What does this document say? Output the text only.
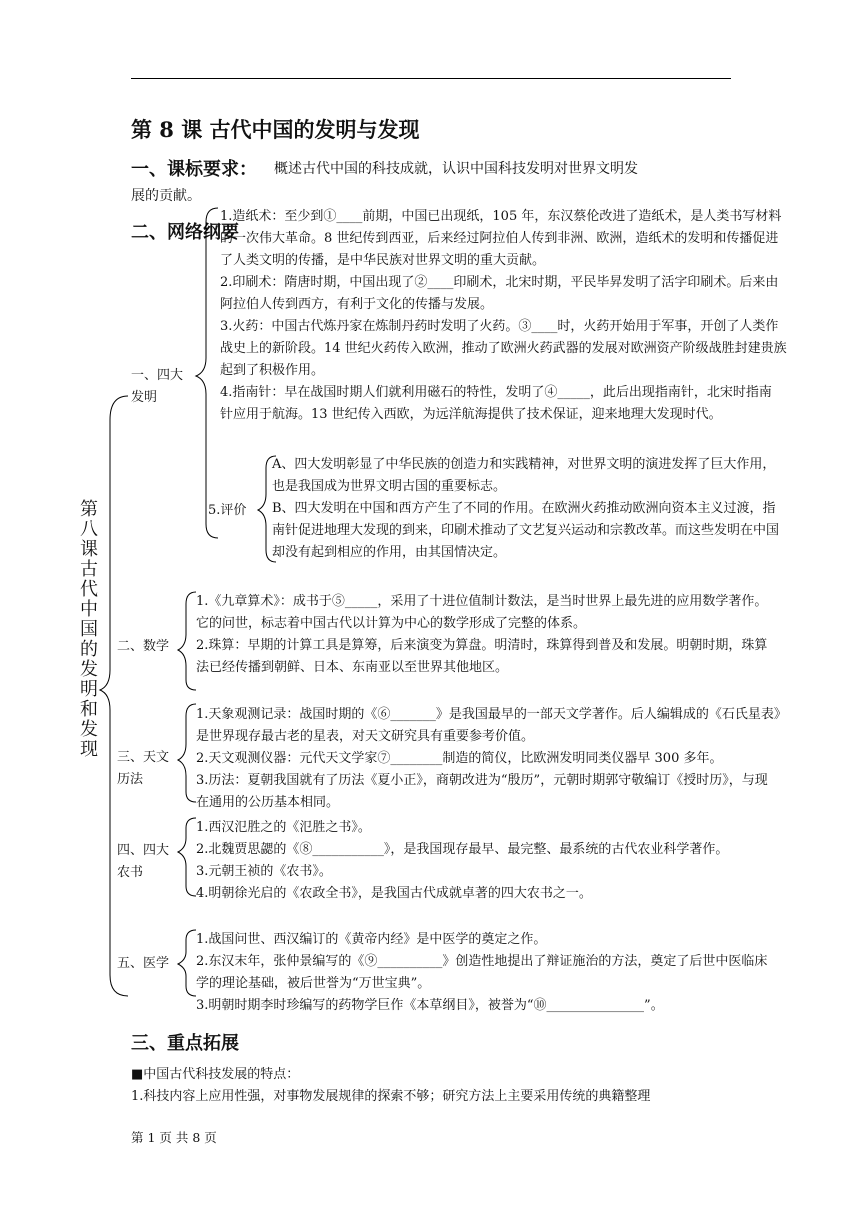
第 8 课 古代中国的发明与发现
一、课标要求： 概述古代中国的科技成就，认识中国科技发明对世界文明发
展的贡献。
二、网络纲要
第
八
课
古
代
中
国
的
发
明
和
发
现
一、四大
发明
1.造纸术：至少到①____前期，中国已出现纸，105 年，东汉蔡伦改进了造纸术，是人类书写材料
的一次伟大革命。8 世纪传到西亚，后来经过阿拉伯人传到非洲、欧洲，造纸术的发明和传播促进
了人类文明的传播，是中华民族对世界文明的重大贡献。
2.印刷术：隋唐时期，中国出现了②____印刷术，北宋时期，平民毕昇发明了活字印刷术。后来由
阿拉伯人传到西方，有利于文化的传播与发展。
3.火药：中国古代炼丹家在炼制丹药时发明了火药。③____时，火药开始用于军事，开创了人类作
战史上的新阶段。14 世纪火药传入欧洲，推动了欧洲火药武器的发展对欧洲资产阶级战胜封建贵族
起到了积极作用。
4.指南针：早在战国时期人们就利用磁石的特性，发明了④_____，此后出现指南针，北宋时指南
针应用于航海。13 世纪传入西欧，为远洋航海提供了技术保证，迎来地理大发现时代。
5.评价
A、四大发明彰显了中华民族的创造力和实践精神，对世界文明的演进发挥了巨大作用，
也是我国成为世界文明古国的重要标志。
B、四大发明在中国和西方产生了不同的作用。在欧洲火药推动欧洲向资本主义过渡，指
南针促进地理大发现的到来，印刷术推动了文艺复兴运动和宗教改革。而这些发明在中国
却没有起到相应的作用，由其国情决定。
二、数学
1.《九章算术》：成书于⑤_____，采用了十进位值制计数法，是当时世界上最先进的应用数学著作。
它的问世，标志着中国古代以计算为中心的数学形成了完整的体系。
2.珠算：早期的计算工具是算筹，后来演变为算盘。明清时，珠算得到普及和发展。明朝时期，珠算
法已经传播到朝鲜、日本、东南亚以至世界其他地区。
三、天文
历法
1.天象观测记录：战国时期的《⑥_______》是我国最早的一部天文学著作。后人编辑成的《石氏星表》
是世界现存最古老的星表，对天文研究具有重要参考价值。
2.天文观测仪器：元代天文学家⑦________制造的简仪，比欧洲发明同类仪器早 300 多年。
3.历法：夏朝我国就有了历法《夏小正》，商朝改进为“殷历”，元朝时期郭守敬编订《授时历》，与现
在通用的公历基本相同。
四、四大
农书
1.西汉氾胜之的《氾胜之书》。
2.北魏贾思勰的《⑧___________》，是我国现存最早、最完整、最系统的古代农业科学著作。
3.元朝王祯的《农书》。
4.明朝徐光启的《农政全书》，是我国古代成就卓著的四大农书之一。
五、医学
1.战国问世、西汉编订的《黄帝内经》是中医学的奠定之作。
2.东汉末年，张仲景编写的《⑨__________》创造性地提出了辩证施治的方法，奠定了后世中医临床
学的理论基础，被后世誉为“万世宝典”。
3.明朝时期李时珍编写的药物学巨作《本草纲目》，被誉为“⑩_______________”。
三、重点拓展
■中国古代科技发展的特点：
1.科技内容上应用性强，对事物发展规律的探索不够；研究方法上主要采用传统的典籍整理
第 1 页 共 8 页
